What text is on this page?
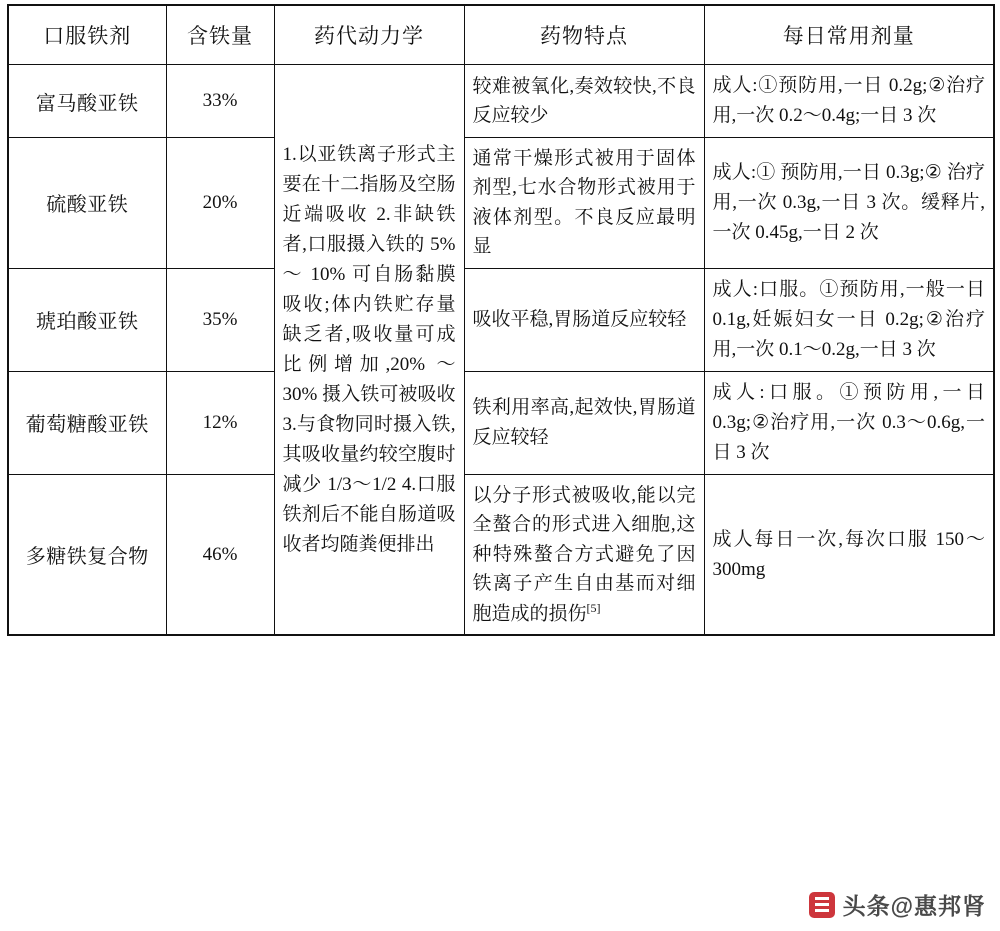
口服铁剂	含铁量	药代动力学	药物特点	每日常用剂量
富马酸亚铁	33%	1.以亚铁离子形式主要在十二指肠及空肠近端吸收 2.非缺铁者,口服摄入铁的 5% ～ 10% 可自肠黏膜吸收;体内铁贮存量缺乏者,吸收量可成比例增加,20% ～ 30% 摄入铁可被吸收 3.与食物同时摄入铁,其吸收量约较空腹时减少 1/3～1/2 4.口服铁剂后不能自肠道吸收者均随粪便排出	较难被氧化,奏效较快,不良反应较少	成人:①预防用,一日 0.2g;②治疗用,一次 0.2～0.4g;一日 3 次
硫酸亚铁	20%		通常干燥形式被用于固体剂型,七水合物形式被用于液体剂型。不良反应最明显	成人:① 预防用,一日 0.3g;② 治疗用,一次 0.3g,一日 3 次。缓释片,一次 0.45g,一日 2 次
琥珀酸亚铁	35%		吸收平稳,胃肠道反应较轻	成人:口服。①预防用,一般一日 0.1g,妊娠妇女一日 0.2g;②治疗用,一次 0.1～0.2g,一日 3 次
葡萄糖酸亚铁	12%		铁利用率高,起效快,胃肠道反应较轻	成人:口服。①预防用,一日 0.3g;②治疗用,一次 0.3～0.6g,一日 3 次
多糖铁复合物	46%		以分子形式被吸收,能以完全螯合的形式进入细胞,这种特殊螯合方式避免了因铁离子产生自由基而对细胞造成的损伤[5]	成人每日一次,每次口服 150～300mg
头条@惠邦肾
